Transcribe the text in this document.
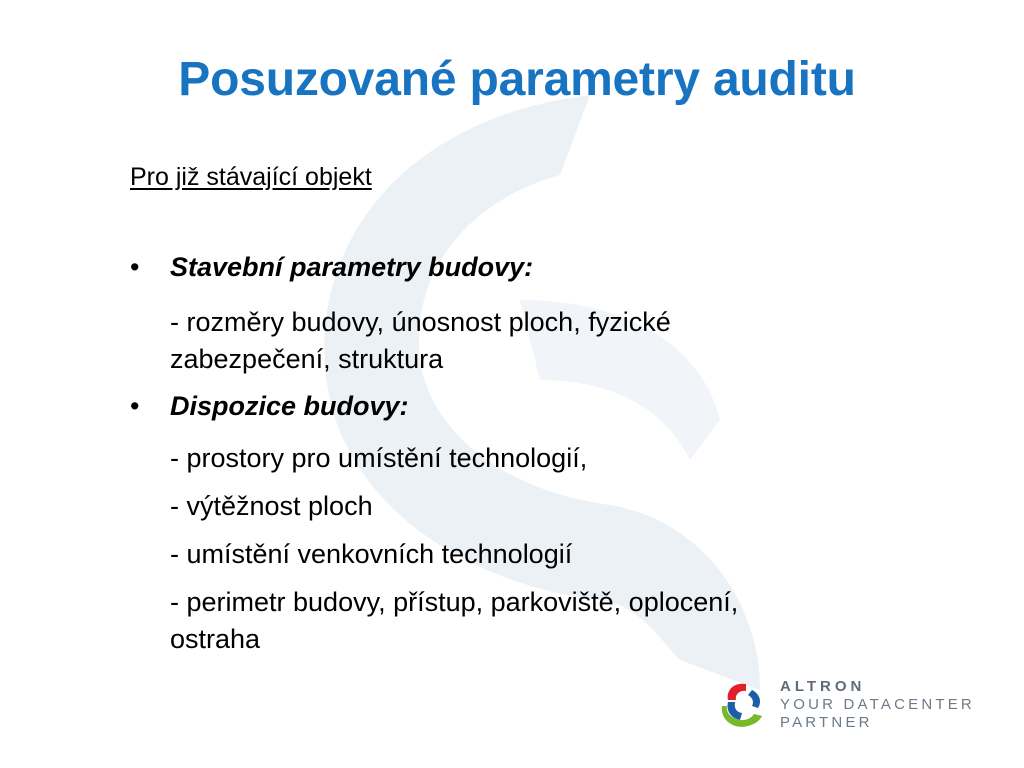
Posuzované parametry auditu
Pro již stávající objekt
• Stavební parametry budovy:
- rozměry budovy, únosnost ploch, fyzické
zabezpečení, struktura
• Dispozice budovy:
- prostory pro umístění technologií,
- výtěžnost ploch
- umístění venkovních technologií
- perimetr budovy, přístup, parkoviště, oplocení,
ostraha
ALTRON
YOUR DATACENTER
PARTNER
